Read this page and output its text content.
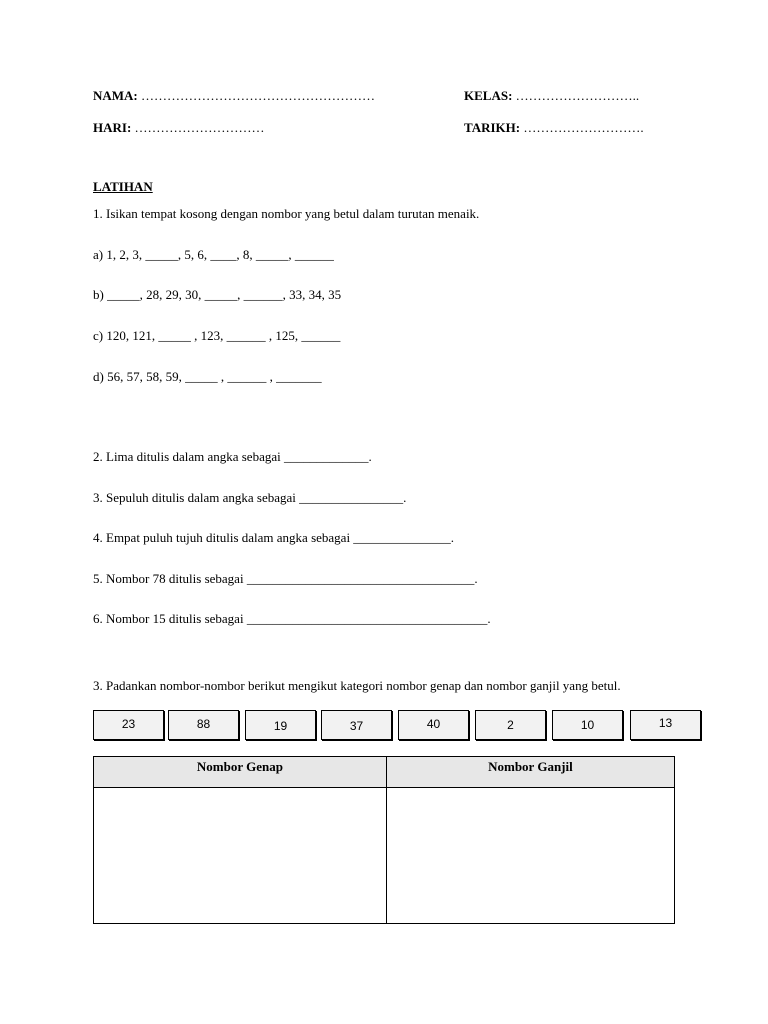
NAMA: ………………………………………………	KELAS: ………………………..
HARI: …………………………	TARIKH: ……………………….
LATIHAN
1. Isikan tempat kosong dengan nombor yang betul dalam turutan menaik.
a) 1, 2, 3, _____, 5, 6, ____, 8, _____, ______
b) _____, 28, 29, 30, _____, ______, 33, 34, 35
c) 120, 121, _____ , 123, ______ , 125, ______
d) 56, 57, 58, 59, _____ , ______ , _______
2. Lima ditulis dalam angka sebagai _____________.
3. Sepuluh ditulis dalam angka sebagai ________________.
4. Empat puluh tujuh ditulis dalam angka sebagai _______________.
5. Nombor 78 ditulis sebagai ___________________________________.
6. Nombor 15 ditulis sebagai _____________________________________.
3. Padankan nombor-nombor berikut mengikut kategori nombor genap dan nombor ganjil yang betul.
23	88	19	37	40	2	10	13
Nombor Genap	Nombor Ganjil
